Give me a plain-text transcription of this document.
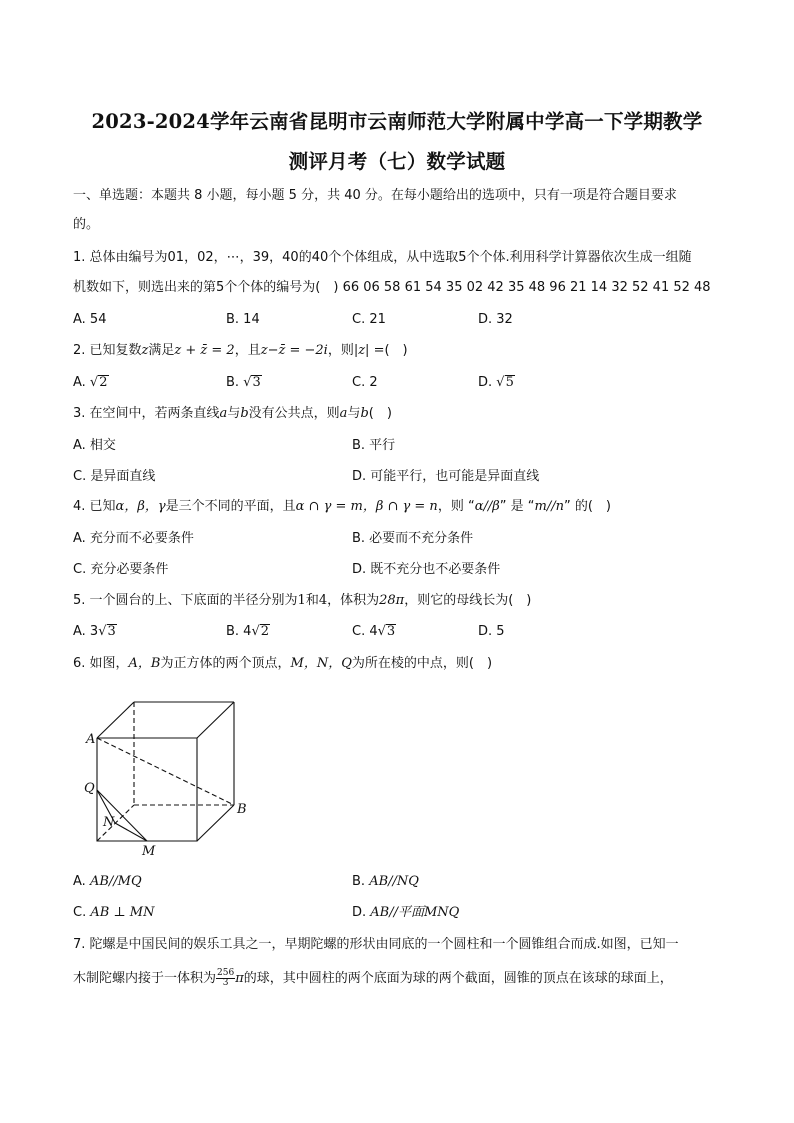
2023-2024学年云南省昆明市云南师范大学附属中学高一下学期教学
测评月考（七）数学试题
一、单选题：本题共 8 小题，每小题 5 分，共 40 分。在每小题给出的选项中，只有一项是符合题目要求
的。
1. 总体由编号为01，02，⋯，39，40的40个个体组成，从中选取5个个体.利用科学计算器依次生成一组随
机数如下，则选出来的第5个个体的编号为(　) 66 06 58 61 54 35 02 42 35 48 96 21 14 32 52 41 52 48
A. 54	B. 14	C. 21	D. 32
2. 已知复数z满足z + z̄ = 2，且z−z̄ = −2i，则|z| =(　)
A. √2	B. √3	C. 2	D. √5
3. 在空间中，若两条直线a与b没有公共点，则a与b(　)
A. 相交	B. 平行
C. 是异面直线	D. 可能平行，也可能是异面直线
4. 已知α，β，γ是三个不同的平面，且α ∩ γ = m，β ∩ γ = n，则 “α//β” 是 “m//n” 的(　)
A. 充分而不必要条件	B. 必要而不充分条件
C. 充分必要条件	D. 既不充分也不必要条件
5. 一个圆台的上、下底面的半径分别为1和4，体积为28π，则它的母线长为(　)
A. 3√3	B. 4√2	C. 4√3	D. 5
6. 如图，A，B为正方体的两个顶点，M，N，Q为所在棱的中点，则(　)
A
B
Q
N
M
A. AB//MQ	B. AB//NQ
C. AB ⊥ MN	D. AB//平面MNQ
7. 陀螺是中国民间的娱乐工具之一，早期陀螺的形状由同底的一个圆柱和一个圆锥组合而成.如图，已知一
木制陀螺内接于一体积为 $\frac{256}{3}$ π的球，其中圆柱的两个底面为球的两个截面，圆锥的顶点在该球的球面上，
